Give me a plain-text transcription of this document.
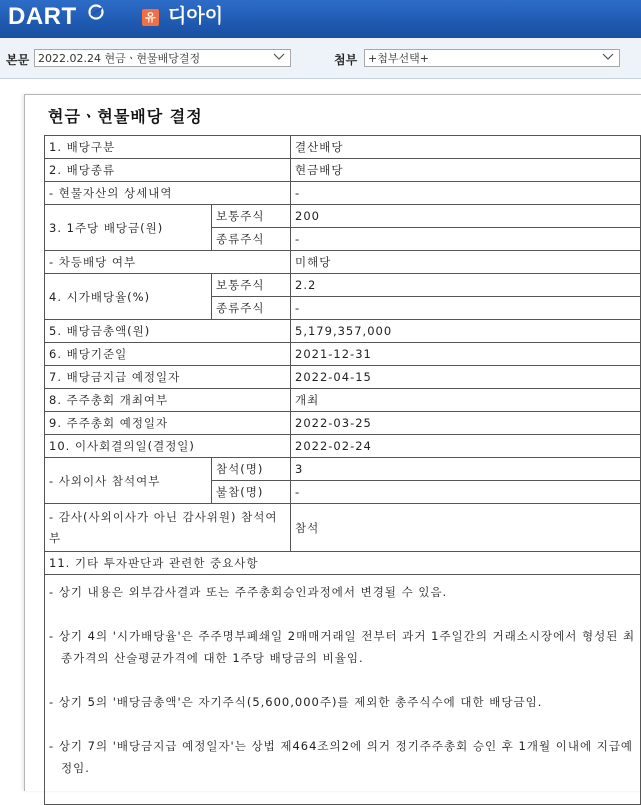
DART	유 디아이
본문 2022.02.24 현금ㆍ현물배당결정	첨부 +첨부선택+
현금ㆍ현물배당 결정
1. 배당구분		결산배당
2. 배당종류		현금배당
- 현물자산의 상세내역		-
3. 1주당 배당금(원)	보통주식	200
	종류주식	-
- 차등배당 여부		미해당
4. 시가배당율(%)	보통주식	2.2
	종류주식	-
5. 배당금총액(원)		5,179,357,000
6. 배당기준일		2021-12-31
7. 배당금지급 예정일자		2022-04-15
8. 주주총회 개최여부		개최
9. 주주총회 예정일자		2022-03-25
10. 이사회결의일(결정일)		2022-02-24
- 사외이사 참석여부	참석(명)	3
	불참(명)	-
- 감사(사외이사가 아닌 감사위원) 참석여부		참석
11. 기타 투자판단과 관련한 중요사항		

- 상기 내용은 외부감사결과 또는 주주총회승인과정에서 변경될 수 있음.

- 상기 4의 '시가배당율'은 주주명부폐쇄일 2매매거래일 전부터 과거 1주일간의 거래소시장에서 형성된 최종가격의 산술평균가격에 대한 1주당 배당금의 비율임.

- 상기 5의 '배당금총액'은 자기주식(5,600,000주)를 제외한 총주식수에 대한 배당금임.

- 상기 7의 '배당금지급 예정일자'는 상법 제464조의2에 의거 정기주주총회 승인 후 1개월 이내에 지급예정임.		
